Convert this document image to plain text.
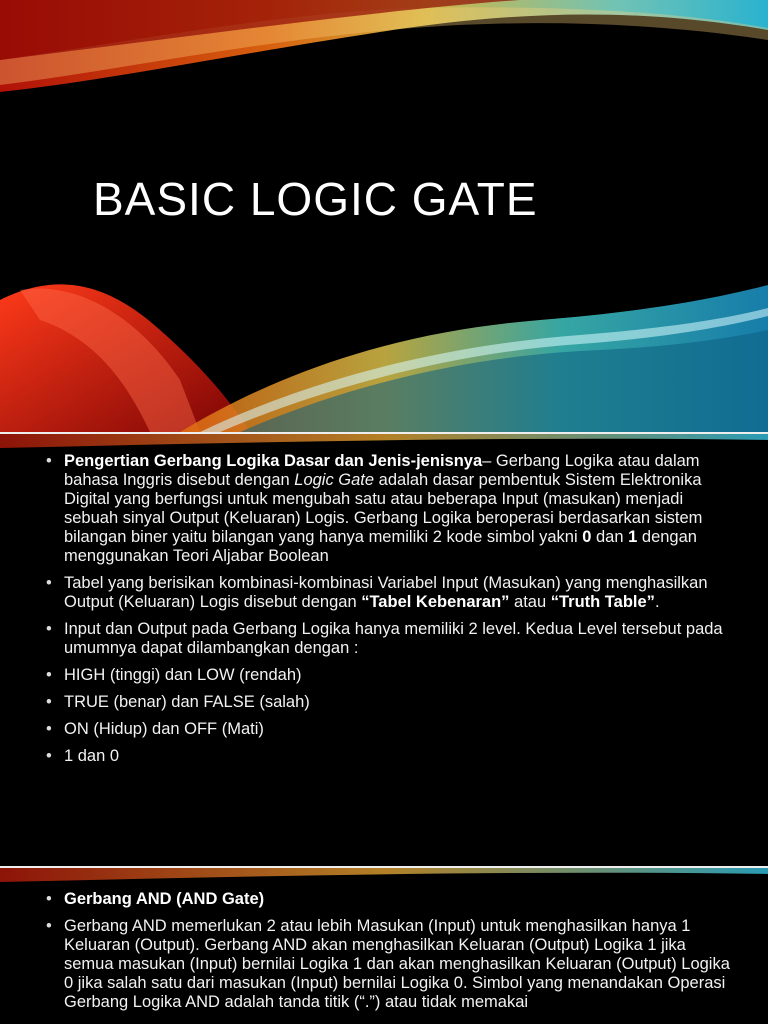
BASIC LOGIC GATE
• Pengertian Gerbang Logika Dasar dan Jenis-jenisnya– Gerbang Logika atau dalam bahasa Inggris disebut dengan Logic Gate adalah dasar pembentuk Sistem Elektronika Digital yang berfungsi untuk mengubah satu atau beberapa Input (masukan) menjadi sebuah sinyal Output (Keluaran) Logis. Gerbang Logika beroperasi berdasarkan sistem bilangan biner yaitu bilangan yang hanya memiliki 2 kode simbol yakni 0 dan 1 dengan menggunakan Teori Aljabar Boolean
• Tabel yang berisikan kombinasi-kombinasi Variabel Input (Masukan) yang menghasilkan Output (Keluaran) Logis disebut dengan “Tabel Kebenaran” atau “Truth Table”.
• Input dan Output pada Gerbang Logika hanya memiliki 2 level. Kedua Level tersebut pada umumnya dapat dilambangkan dengan :
• HIGH (tinggi) dan LOW (rendah)
• TRUE (benar) dan FALSE (salah)
• ON (Hidup) dan OFF (Mati)
• 1 dan 0
• Gerbang AND (AND Gate)
• Gerbang AND memerlukan 2 atau lebih Masukan (Input) untuk menghasilkan hanya 1 Keluaran (Output). Gerbang AND akan menghasilkan Keluaran (Output) Logika 1 jika semua masukan (Input) bernilai Logika 1 dan akan menghasilkan Keluaran (Output) Logika 0 jika salah satu dari masukan (Input) bernilai Logika 0. Simbol yang menandakan Operasi Gerbang Logika AND adalah tanda titik (“.”) atau tidak memakai
